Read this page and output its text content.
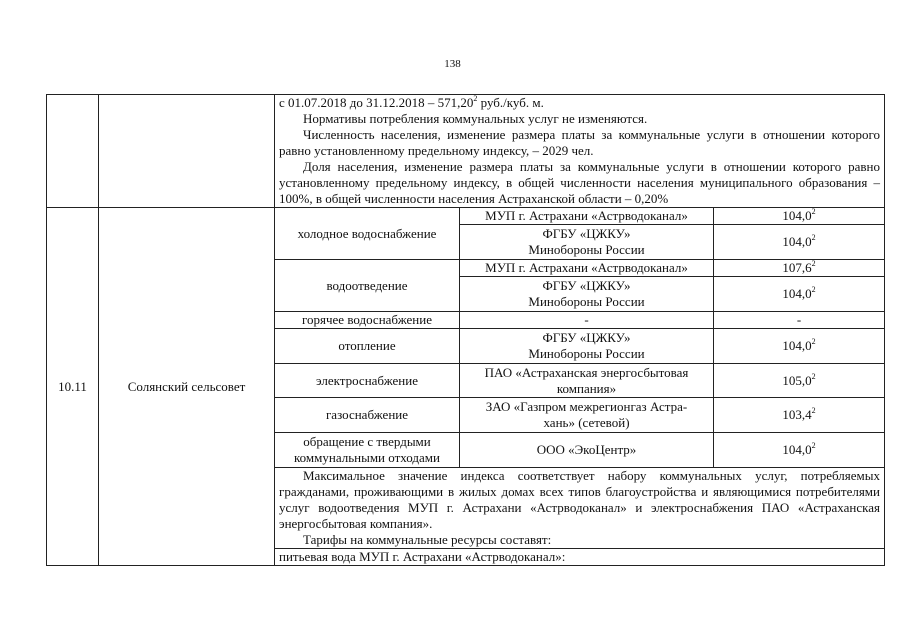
138

		с 01.07.2018 до 31.12.2018 – 571,20$^2$ руб./куб. м.
Нормативы потребления коммунальных услуг не изменяются.
Численность населения, изменение размера платы за коммунальные услуги в отношении которого равно установленному предельному индексу, – 2029 чел.
Доля населения, изменение размера платы за коммунальные услуги в отношении которого равно установленному предельному индексу, в общей численности населения муниципального образования – 100%, в общей численности населения Астраханской области – 0,20%		

10.11	Солянский сельсовет	холодное водоснабжение	МУП г. Астрахани «Астрводоканал»	104,0$^2$

			ФГБУ «ЦЖКУ»
Минобороны России	104,0$^2$
		водоотведение	МУП г. Астрахани «Астрводоканал»	107,6$^2$

			ФГБУ «ЦЖКУ»
Минобороны России	104,0$^2$
		горячее водоснабжение	-	-
		отопление	ФГБУ «ЦЖКУ»
Минобороны России	104,0$^2$
		электроснабжение	ПАО «Астраханская энергосбытовая
компания»	105,0$^2$
		газоснабжение	ЗАО «Газпром межрегионгаз Астра-
хань» (сетевой)	103,4$^2$

		обращение с твердыми
коммунальными отходами	ООО «ЭкоЦентр»	104,0$^2$

		Максимальное значение индекса соответствует набору коммунальных услуг, потребляемых гражданами, проживающими в жилых домах всех типов благоустройства и являющимися потребителями услуг водоотведения МУП г. Астрахани «Астрводоканал» и электроснабжения ПАО «Астраханская энергосбытовая компания».
Тарифы на коммунальные ресурсы составят:		

		питьевая вода МУП г. Астрахани «Астрводоканал»:		
